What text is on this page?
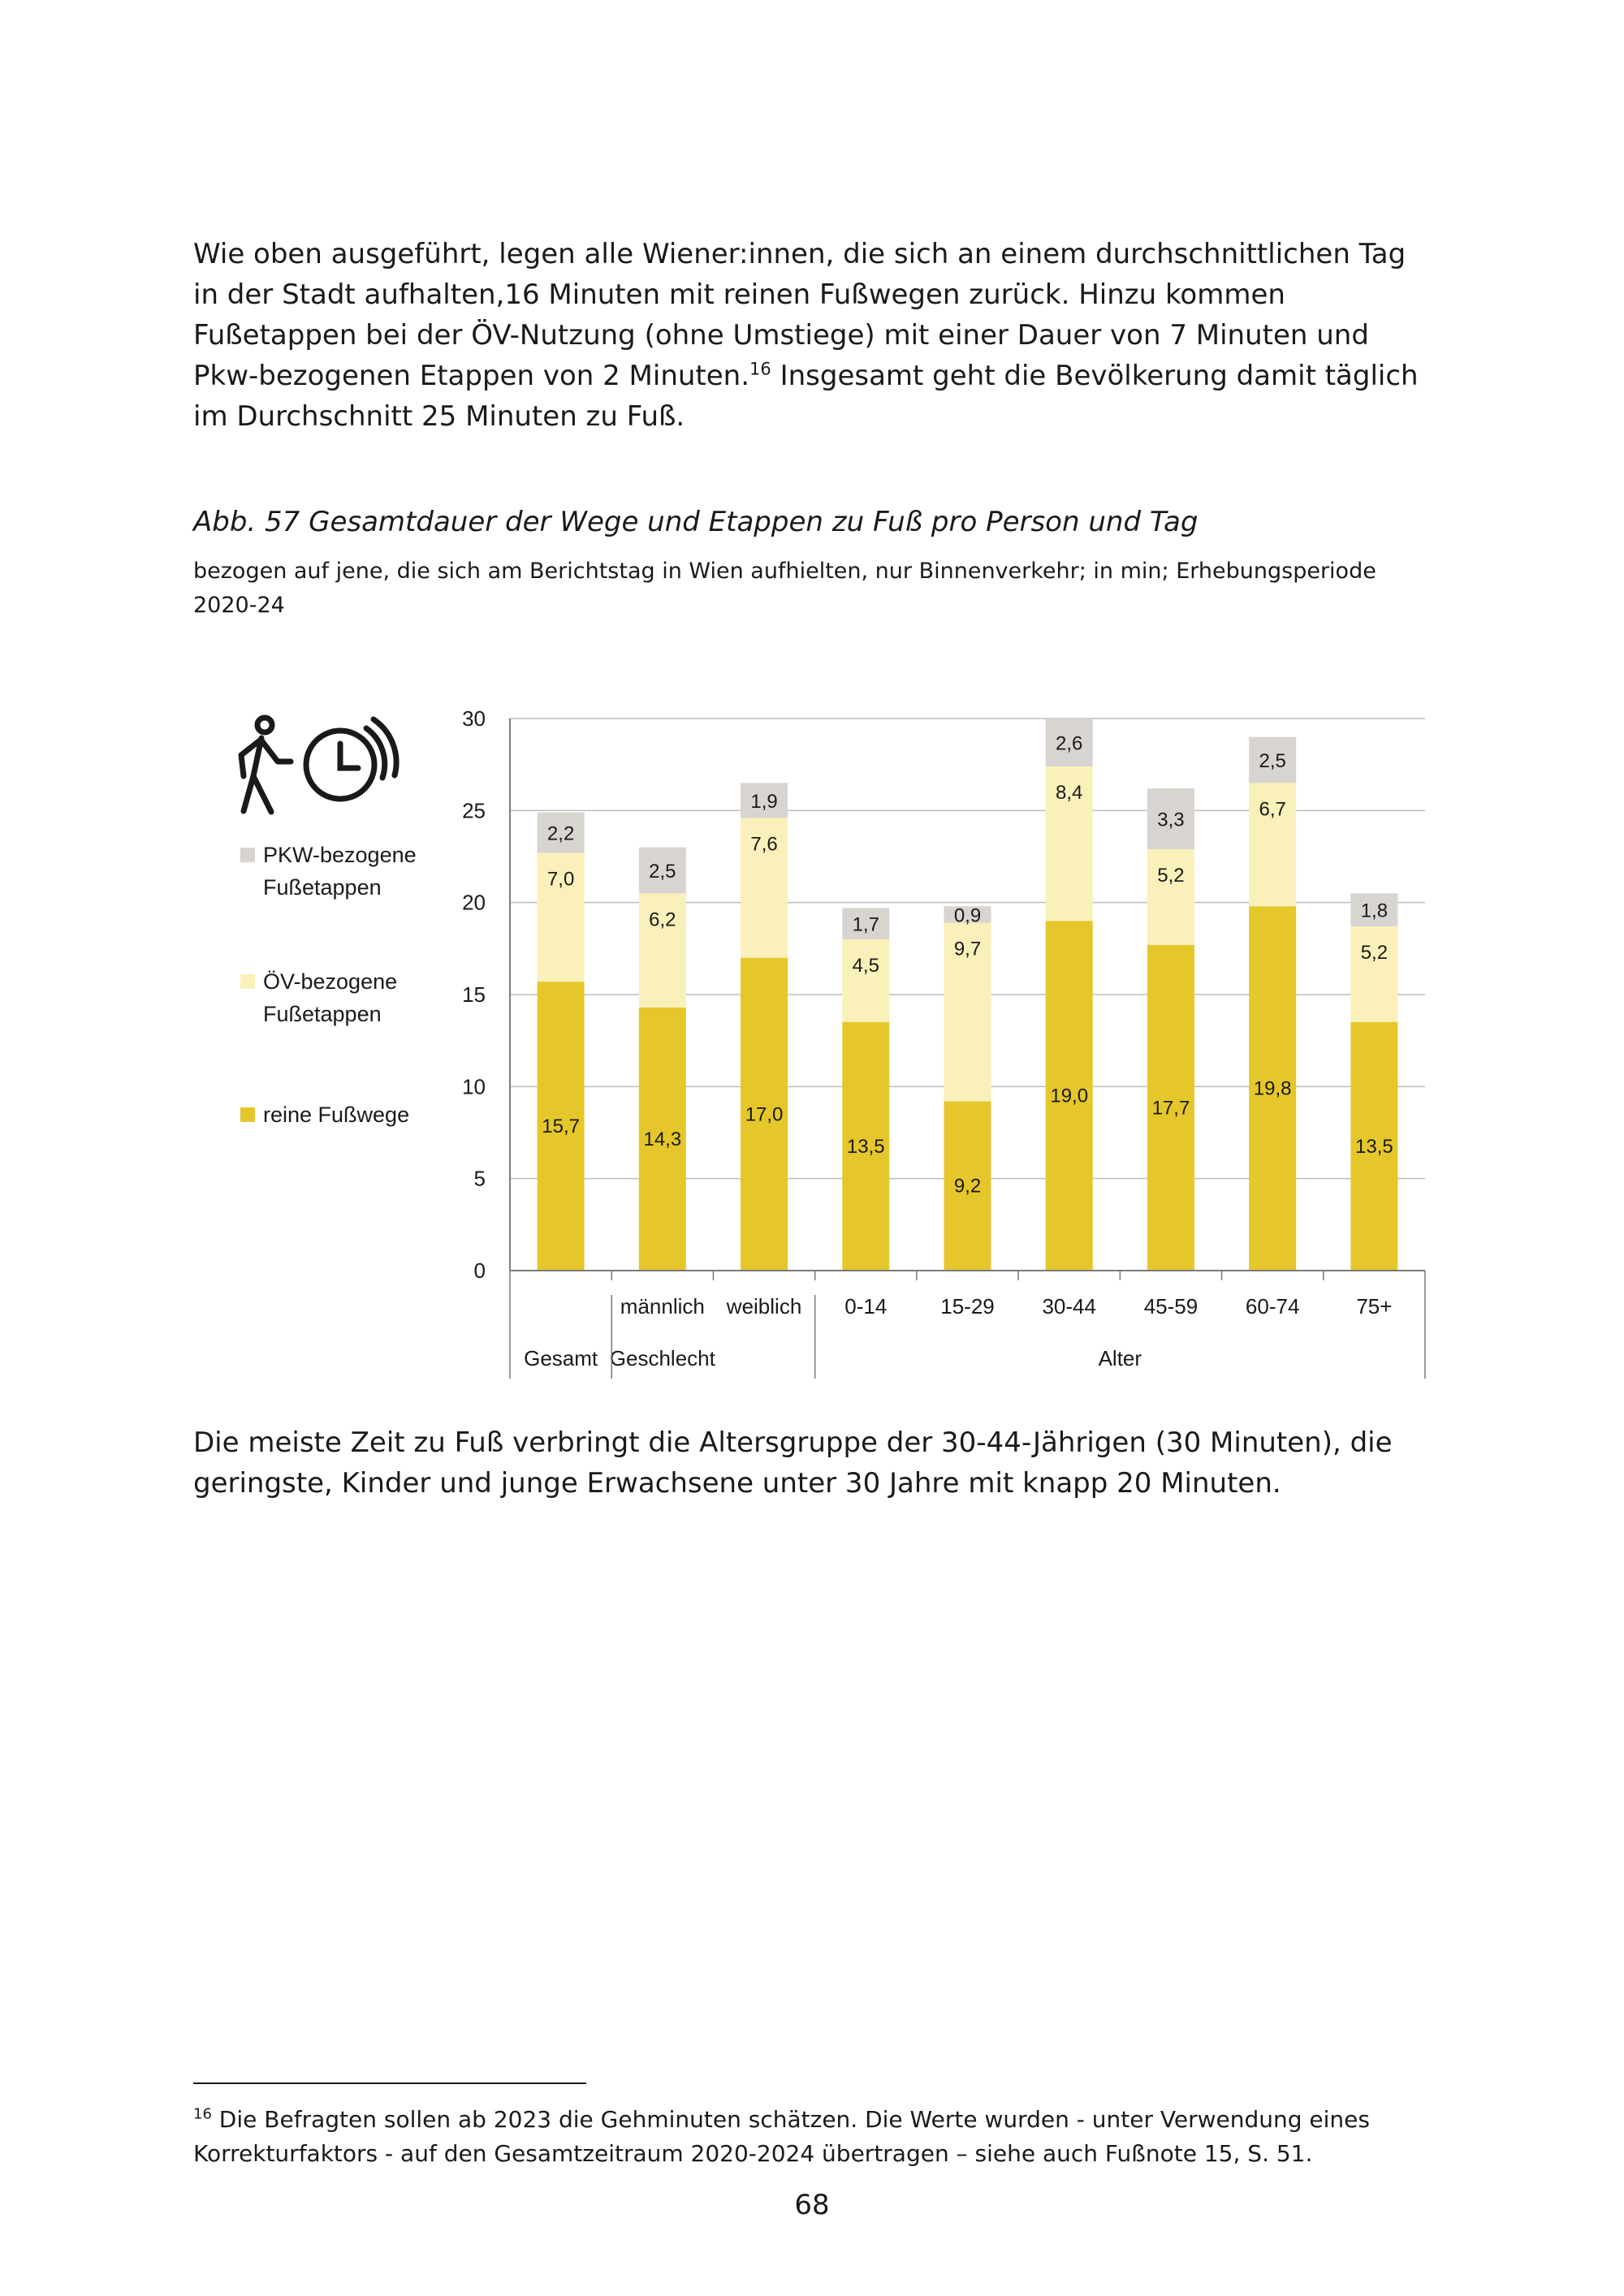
Wie oben ausgeführt, legen alle Wiener:innen, die sich an einem durchschnittlichen Tag in der Stadt aufhalten,16 Minuten mit reinen Fußwegen zurück. Hinzu kommen Fußetappen bei der ÖV-Nutzung (ohne Umstiege) mit einer Dauer von 7 Minuten und Pkw-bezogenen Etappen von 2 Minuten.$^{16}$ Insgesamt geht die Bevölkerung damit täglich im Durchschnitt 25 Minuten zu Fuß.

Abb. 57 Gesamtdauer der Wege und Etappen zu Fuß pro Person und Tag

bezogen auf jene, die sich am Berichtstag in Wien aufhielten, nur Binnenverkehr; in min; Erhebungsperiode 2020-24

PKW-bezogene
Fußetappen
ÖV-bezogene
Fußetappen
reine Fußwege
0
5
10
15
20
25
30
15,7
7,0
2,2
14,3
6,2
2,5
17,0
7,6
1,9
13,5
4,5
1,7
9,2
9,7
0,9
19,0
8,4
2,6
17,7
5,2
3,3
19,8
6,7
2,5
13,5
5,2
1,8
männlich weiblich 0-14	15-29 30-44 45-59 60-74	75+
Gesamt Geschlecht	Alter

Die meiste Zeit zu Fuß verbringt die Altersgruppe der 30-44-Jährigen (30 Minuten), die geringste, Kinder und junge Erwachsene unter 30 Jahre mit knapp 20 Minuten.

$^{16}$ Die Befragten sollen ab 2023 die Gehminuten schätzen. Die Werte wurden - unter Verwendung eines Korrekturfaktors - auf den Gesamtzeitraum 2020-2024 übertragen – siehe auch Fußnote 15, S. 51.

68
